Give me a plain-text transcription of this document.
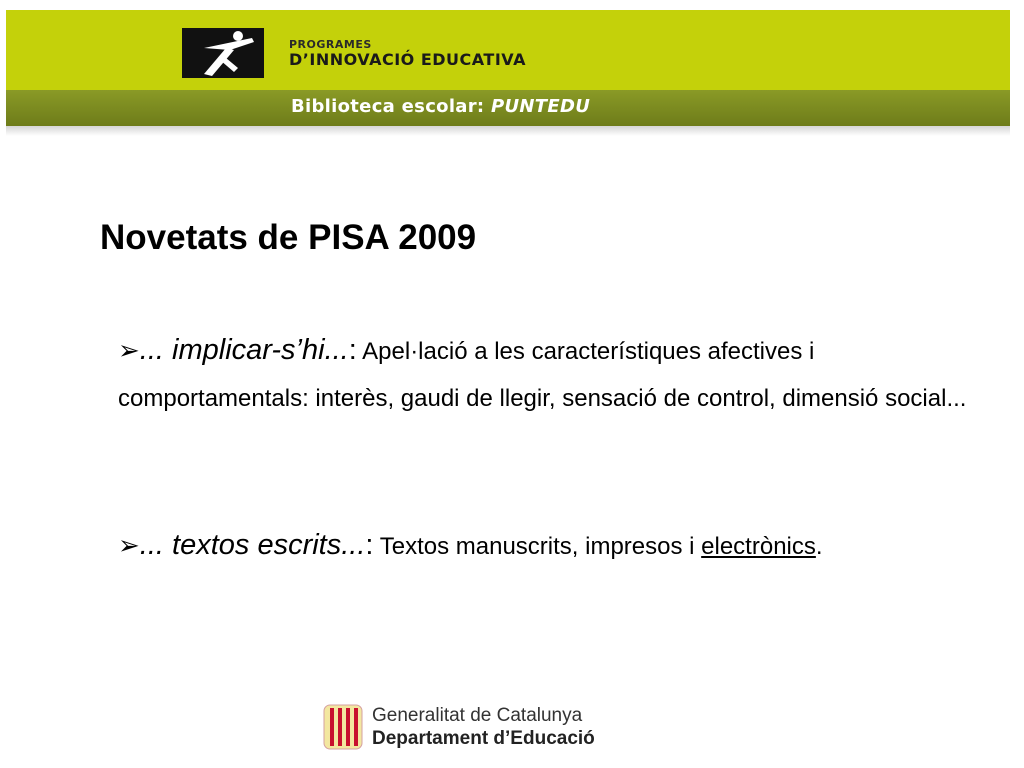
PROGRAMES
D’INNOVACIÓ EDUCATIVA
Biblioteca escolar: PUNTEDU
Novetats de PISA 2009
➢... implicar-s’hi...: Apel·lació a les característiques afectives i comportamentals: interès, gaudi de llegir, sensació de control, dimensió social...
➢... textos escrits...: Textos manuscrits, impresos i electrònics.
Generalitat de Catalunya
Departament d’Educació
